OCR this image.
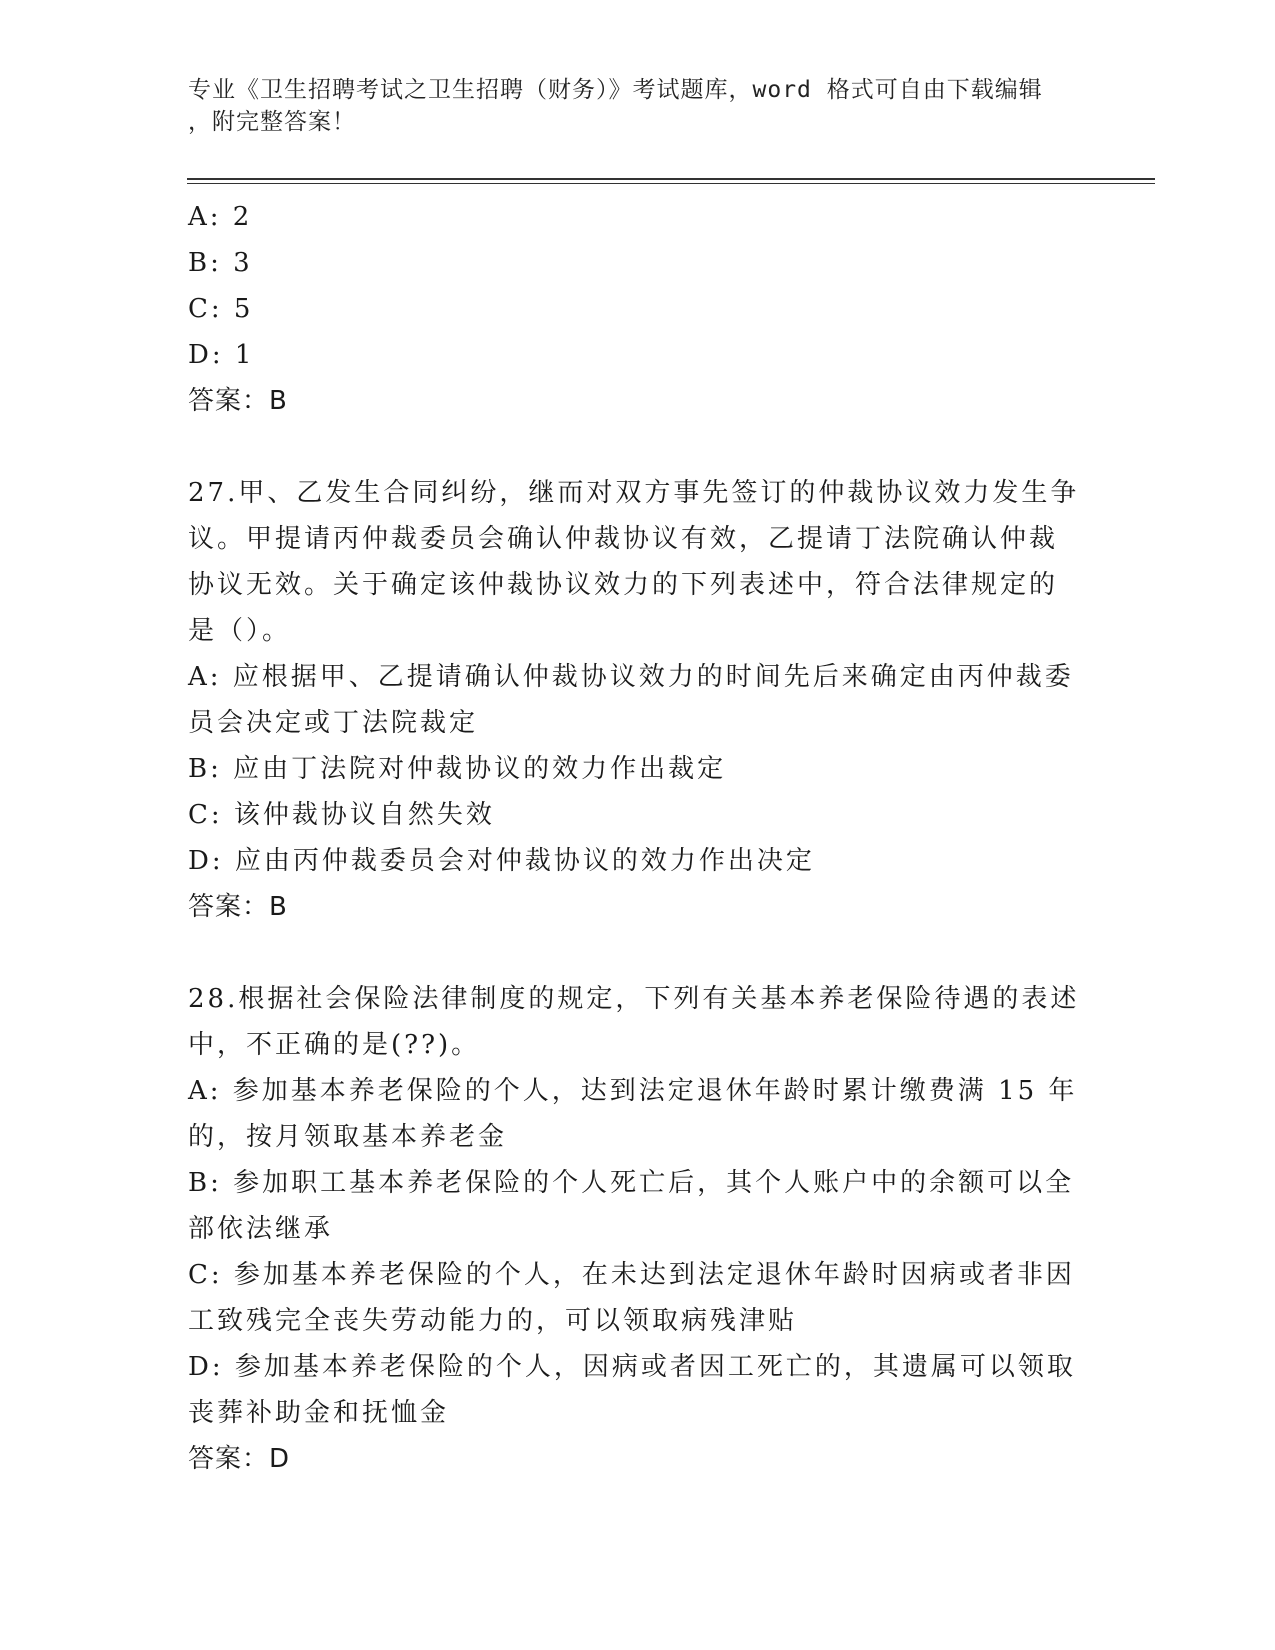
专业《卫生招聘考试之卫生招聘（财务）》考试题库，word 格式可自由下载编辑
，附完整答案！
A: 2
B: 3
C: 5
D: 1
答案：B
27.甲、乙发生合同纠纷，继而对双方事先签订的仲裁协议效力发生争
议。甲提请丙仲裁委员会确认仲裁协议有效，乙提请丁法院确认仲裁
协议无效。关于确定该仲裁协议效力的下列表述中，符合法律规定的
是（）。
A: 应根据甲、乙提请确认仲裁协议效力的时间先后来确定由丙仲裁委
员会决定或丁法院裁定
B: 应由丁法院对仲裁协议的效力作出裁定
C: 该仲裁协议自然失效
D: 应由丙仲裁委员会对仲裁协议的效力作出决定
答案：B
28.根据社会保险法律制度的规定，下列有关基本养老保险待遇的表述
中，不正确的是(??)。
A: 参加基本养老保险的个人，达到法定退休年龄时累计缴费满 15 年
的，按月领取基本养老金
B: 参加职工基本养老保险的个人死亡后，其个人账户中的余额可以全
部依法继承
C: 参加基本养老保险的个人，在未达到法定退休年龄时因病或者非因
工致残完全丧失劳动能力的，可以领取病残津贴
D: 参加基本养老保险的个人，因病或者因工死亡的，其遗属可以领取
丧葬补助金和抚恤金
答案：D
